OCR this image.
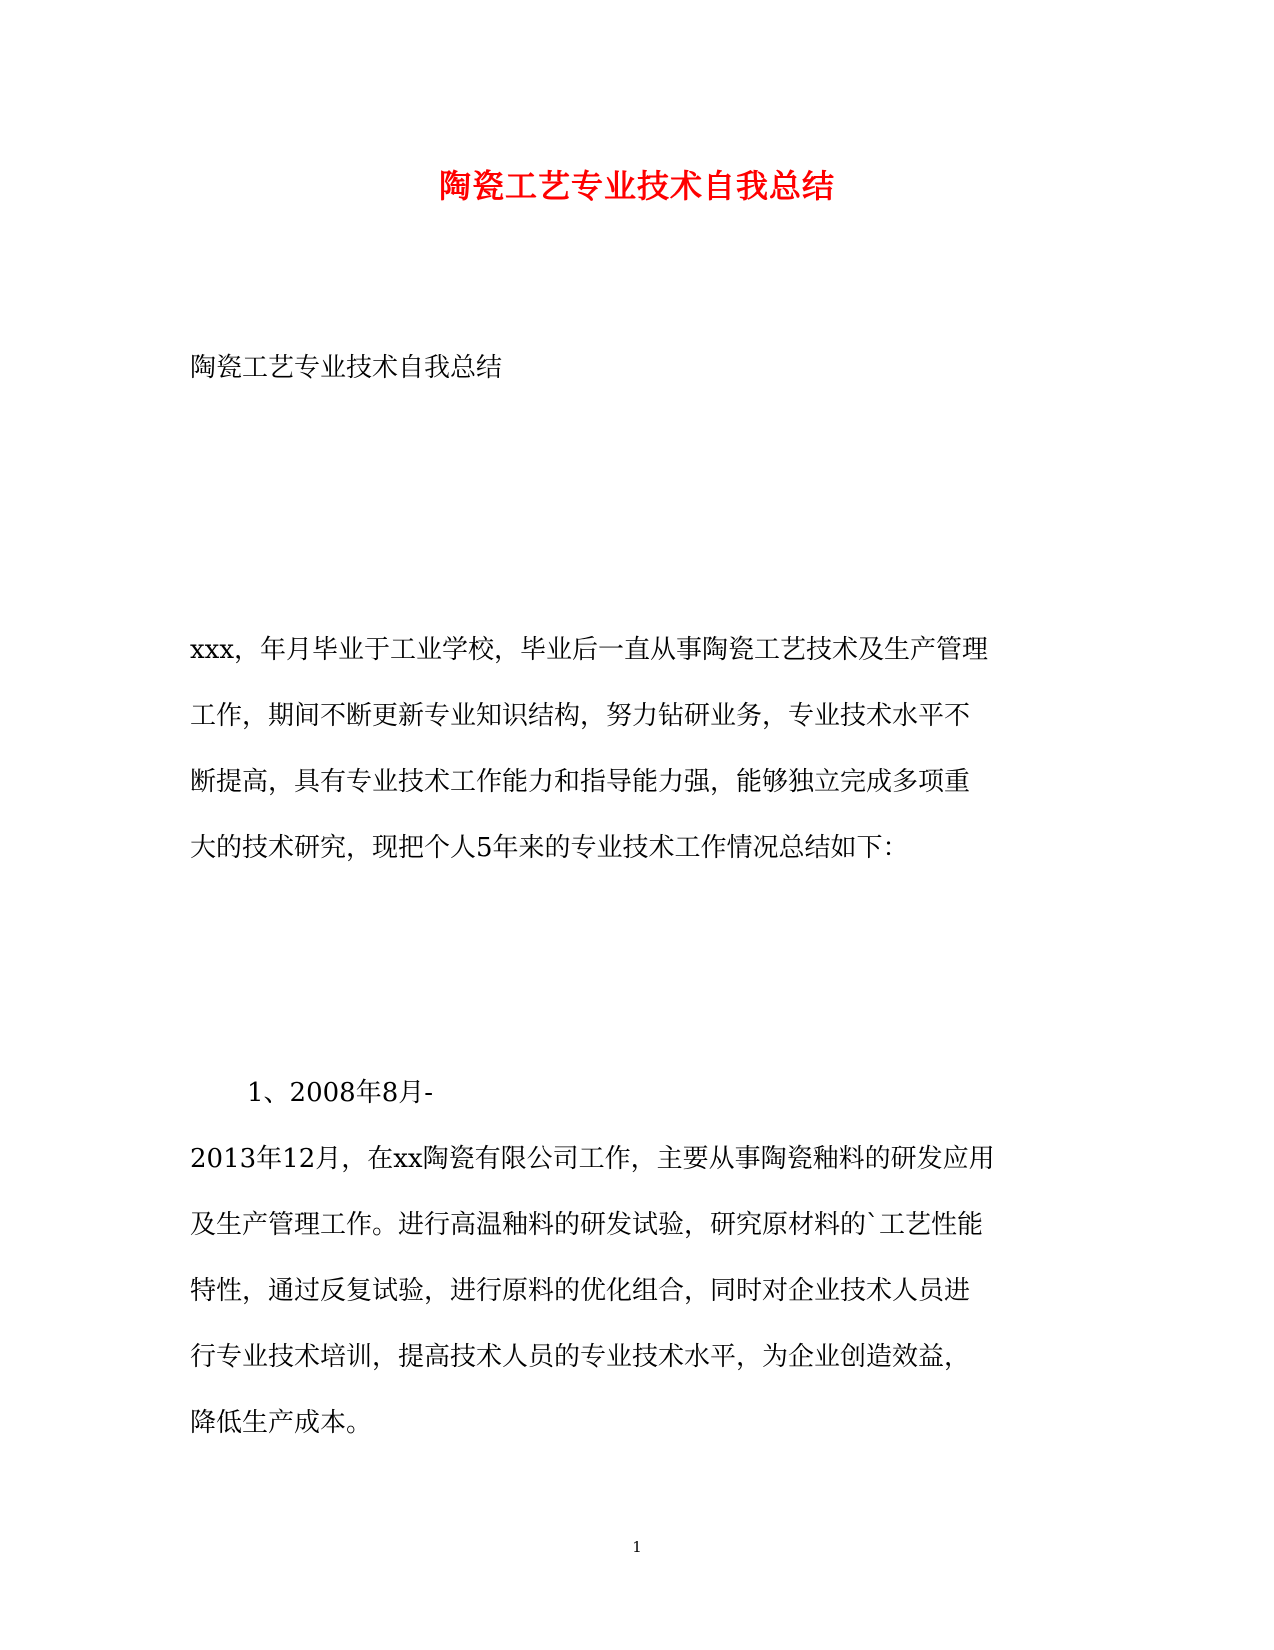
陶瓷工艺专业技术自我总结
陶瓷工艺专业技术自我总结

xxx，年月毕业于工业学校，毕业后一直从事陶瓷工艺技术及生产管理
工作，期间不断更新专业知识结构，努力钻研业务，专业技术水平不
断提高，具有专业技术工作能力和指导能力强，能够独立完成多项重
大的技术研究，现把个人5年来的专业技术工作情况总结如下：

1、2008年8月-
2013年12月，在xx陶瓷有限公司工作，主要从事陶瓷釉料的研发应用
及生产管理工作。进行高温釉料的研发试验，研究原材料的`工艺性能
特性，通过反复试验，进行原料的优化组合，同时对企业技术人员进
行专业技术培训，提高技术人员的专业技术水平，为企业创造效益，
降低生产成本。

1
